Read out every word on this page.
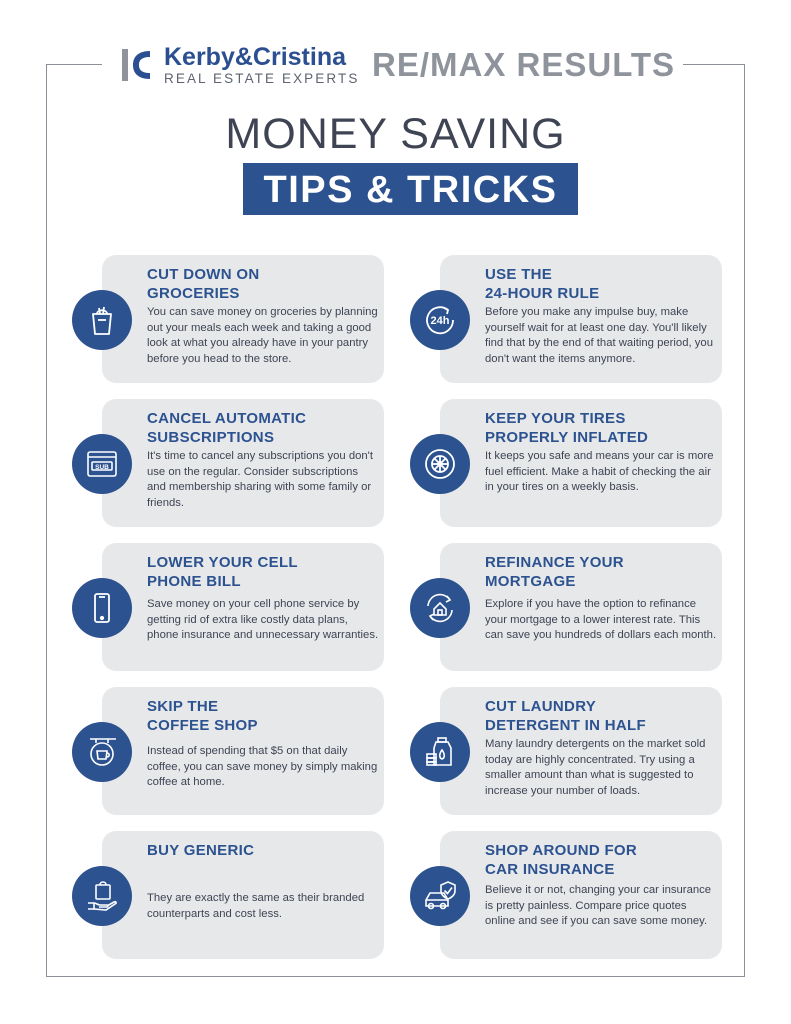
Kerby&Cristina
REAL ESTATE EXPERTS RE/MAX RESULTS
MONEY SAVING
TIPS & TRICKS
CUT DOWN ON
GROCERIES
You can save money on groceries by planning out your meals each week and taking a good look at what you already have in your pantry before you head to the store.
24h
USE THE
24-HOUR RULE
Before you make any impulse buy, make yourself wait for at least one day. You'll likely find that by the end of that waiting period, you don't want the items anymore.
SUB
CANCEL AUTOMATIC
SUBSCRIPTIONS
It's time to cancel any subscriptions you don't use on the regular. Consider subscriptions and membership sharing with some family or friends.
KEEP YOUR TIRES
PROPERLY INFLATED
It keeps you safe and means your car is more fuel efficient. Make a habit of checking the air in your tires on a weekly basis.
LOWER YOUR CELL
PHONE BILL
Save money on your cell phone service by getting rid of extra like costly data plans, phone insurance and unnecessary warranties.
REFINANCE YOUR
MORTGAGE
Explore if you have the option to refinance your mortgage to a lower interest rate. This can save you hundreds of dollars each month.
SKIP THE
COFFEE SHOP
Instead of spending that $5 on that daily coffee, you can save money by simply making coffee at home.
CUT LAUNDRY
DETERGENT IN HALF
Many laundry detergents on the market sold today are highly concentrated. Try using a smaller amount than what is suggested to increase your number of loads.
BUY GENERIC
They are exactly the same as their branded counterparts and cost less.
SHOP AROUND FOR
CAR INSURANCE
Believe it or not, changing your car insurance is pretty painless. Compare price quotes online and see if you can save some money.
